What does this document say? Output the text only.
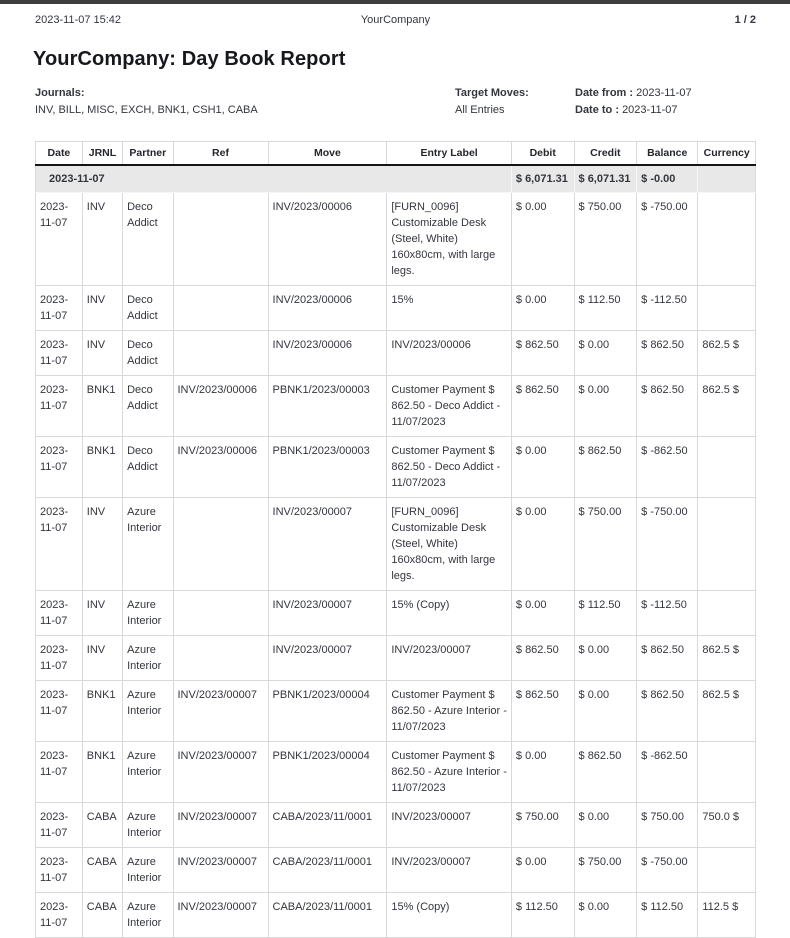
2023-11-07 15:42	YourCompany	1 / 2
YourCompany: Day Book Report
Journals:
INV, BILL, MISC, EXCH, BNK1, CSH1, CABA
Target Moves:
All Entries
Date from : 2023-11-07
Date to : 2023-11-07
Date	JRNL	Partner	Ref	Move	Entry Label	Debit	Credit	Balance	Currency
2023-11-07						$ 6,071.31	$ 6,071.31	$ -0.00	
2023-11-07	INV	Deco Addict		INV/2023/00006	[FURN_0096] Customizable Desk (Steel, White) 160x80cm, with large legs.	$ 0.00	$ 750.00	$ -750.00	
2023-11-07	INV	Deco Addict		INV/2023/00006	15%	$ 0.00	$ 112.50	$ -112.50	
2023-11-07	INV	Deco Addict		INV/2023/00006	INV/2023/00006	$ 862.50	$ 0.00	$ 862.50	862.5 $
2023-11-07	BNK1	Deco Addict	INV/2023/00006	PBNK1/2023/00003	Customer Payment $ 862.50 - Deco Addict - 11/07/2023	$ 862.50	$ 0.00	$ 862.50	862.5 $
2023-11-07	BNK1	Deco Addict	INV/2023/00006	PBNK1/2023/00003	Customer Payment $ 862.50 - Deco Addict - 11/07/2023	$ 0.00	$ 862.50	$ -862.50	
2023-11-07	INV	Azure Interior		INV/2023/00007	[FURN_0096] Customizable Desk (Steel, White) 160x80cm, with large legs.	$ 0.00	$ 750.00	$ -750.00	
2023-11-07	INV	Azure Interior		INV/2023/00007	15% (Copy)	$ 0.00	$ 112.50	$ -112.50	
2023-11-07	INV	Azure Interior		INV/2023/00007	INV/2023/00007	$ 862.50	$ 0.00	$ 862.50	862.5 $
2023-11-07	BNK1	Azure Interior	INV/2023/00007	PBNK1/2023/00004	Customer Payment $ 862.50 - Azure Interior - 11/07/2023	$ 862.50	$ 0.00	$ 862.50	862.5 $
2023-11-07	BNK1	Azure Interior	INV/2023/00007	PBNK1/2023/00004	Customer Payment $ 862.50 - Azure Interior - 11/07/2023	$ 0.00	$ 862.50	$ -862.50	
2023-11-07	CABA	Azure Interior	INV/2023/00007	CABA/2023/11/0001	INV/2023/00007	$ 750.00	$ 0.00	$ 750.00	750.0 $
2023-11-07	CABA	Azure Interior	INV/2023/00007	CABA/2023/11/0001	INV/2023/00007	$ 0.00	$ 750.00	$ -750.00	
2023-11-07	CABA	Azure Interior	INV/2023/00007	CABA/2023/11/0001	15% (Copy)	$ 112.50	$ 0.00	$ 112.50	112.5 $
